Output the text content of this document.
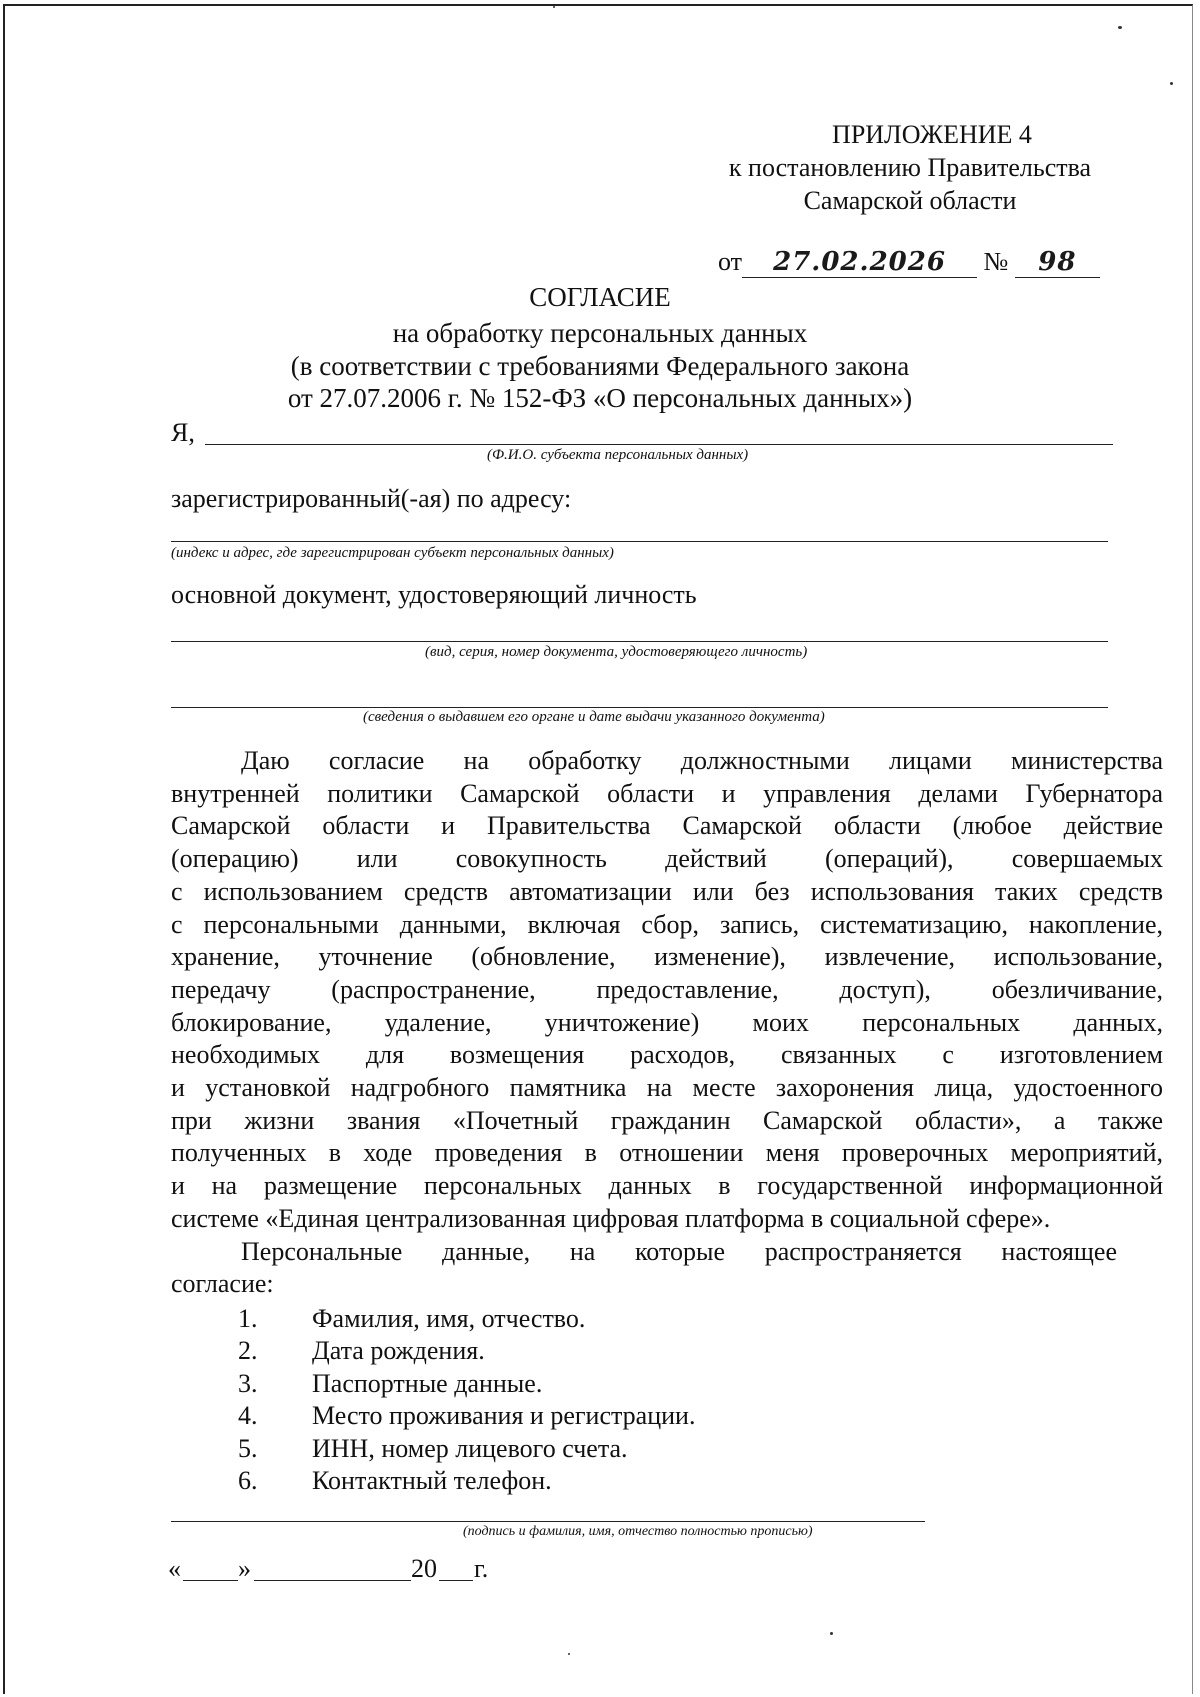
ПРИЛОЖЕНИЕ 4
к постановлению Правительства
Самарской области
от 27.02.2026 № 98
СОГЛАСИЕ
на обработку персональных данных
(в соответствии с требованиями Федерального закона
от 27.07.2006 г. № 152-ФЗ «О персональных данных»)
Я,
(Ф.И.О. субъекта персональных данных)
зарегистрированный(-ая) по адресу:
(индекс и адрес, где зарегистрирован субъект персональных данных)
основной документ, удостоверяющий личность
(вид, серия, номер документа, удостоверяющего личность)
(сведения о выдавшем его органе и дате выдачи указанного документа)

Даю согласие на обработку должностными лицами министерства

внутренней политики Самарской области и управления делами Губернатора

Самарской области и Правительства Самарской области (любое действие

(операцию) или совокупность действий (операций), совершаемых

с использованием средств автоматизации или без использования таких средств

с персональными данными, включая сбор, запись, систематизацию, накопление,

хранение, уточнение (обновление, изменение), извлечение, использование,

передачу (распространение, предоставление, доступ), обезличивание,

блокирование, удаление, уничтожение) моих персональных данных,

необходимых для возмещения расходов, связанных с изготовлением

и установкой надгробного памятника на месте захоронения лица, удостоенного

при жизни звания «Почетный гражданин Самарской области», а также

полученных в ходе проведения в отношении меня проверочных мероприятий,

и на размещение персональных данных в государственной информационной

системе «Единая централизованная цифровая платформа в социальной сфере».

Персональные данные, на которые распространяется настоящее

согласие:

1.	Фамилия, имя, отчество.
2.	Дата рождения.
3.	Паспортные данные.
4.	Место проживания и регистрации.
5.	ИНН, номер лицевого счета.
6.	Контактный телефон.
(подпись и фамилия, имя, отчество полностью прописью)
« »	20 г.
